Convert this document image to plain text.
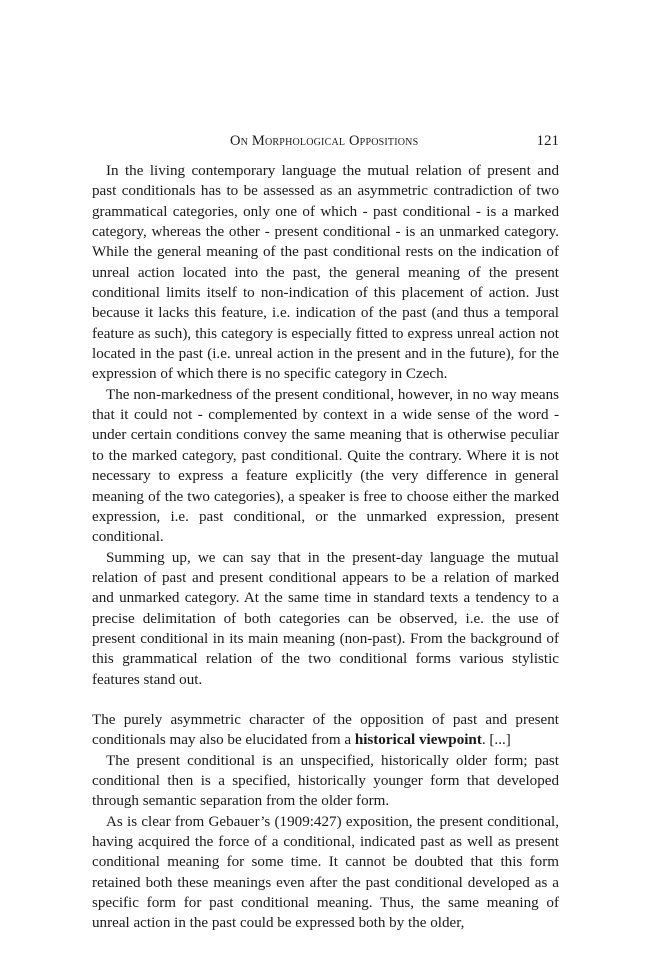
On Morphological Oppositions	121

In the living contemporary language the mutual relation of present and past conditionals has to be assessed as an asymmetric contradiction of two grammatical categories, only one of which - past conditional - is a marked category, whereas the other - present conditional - is an unmarked category. While the general meaning of the past conditional rests on the indication of unreal action located into the past, the general meaning of the present conditional limits itself to non-indication of this placement of action. Just because it lacks this feature, i.e. indication of the past (and thus a temporal feature as such), this category is especially fitted to express unreal action not located in the past (i.e. unreal action in the present and in the future), for the expression of which there is no specific category in Czech.

The non-markedness of the present conditional, however, in no way means that it could not - complemented by context in a wide sense of the word - under certain conditions convey the same meaning that is otherwise peculiar to the marked category, past conditional. Quite the contrary. Where it is not necessary to express a feature explicitly (the very difference in general meaning of the two categories), a speaker is free to choose either the marked expression, i.e. past conditional, or the unmarked expression, present conditional.

Summing up, we can say that in the present-day language the mutual relation of past and present conditional appears to be a relation of marked and unmarked category. At the same time in standard texts a tendency to a precise delimitation of both categories can be observed, i.e. the use of present conditional in its main meaning (non-past). From the background of this grammatical relation of the two conditional forms various stylistic features stand out.

The purely asymmetric character of the opposition of past and present conditionals may also be elucidated from a historical viewpoint. [...]

The present conditional is an unspecified, historically older form; past conditional then is a specified, historically younger form that developed through semantic separation from the older form.

As is clear from Gebauer’s (1909:427) exposition, the present conditional, having acquired the force of a conditional, indicated past as well as present conditional meaning for some time. It cannot be doubted that this form retained both these meanings even after the past conditional developed as a specific form for past conditional meaning. Thus, the same meaning of unreal action in the past could be expressed both by the older,
